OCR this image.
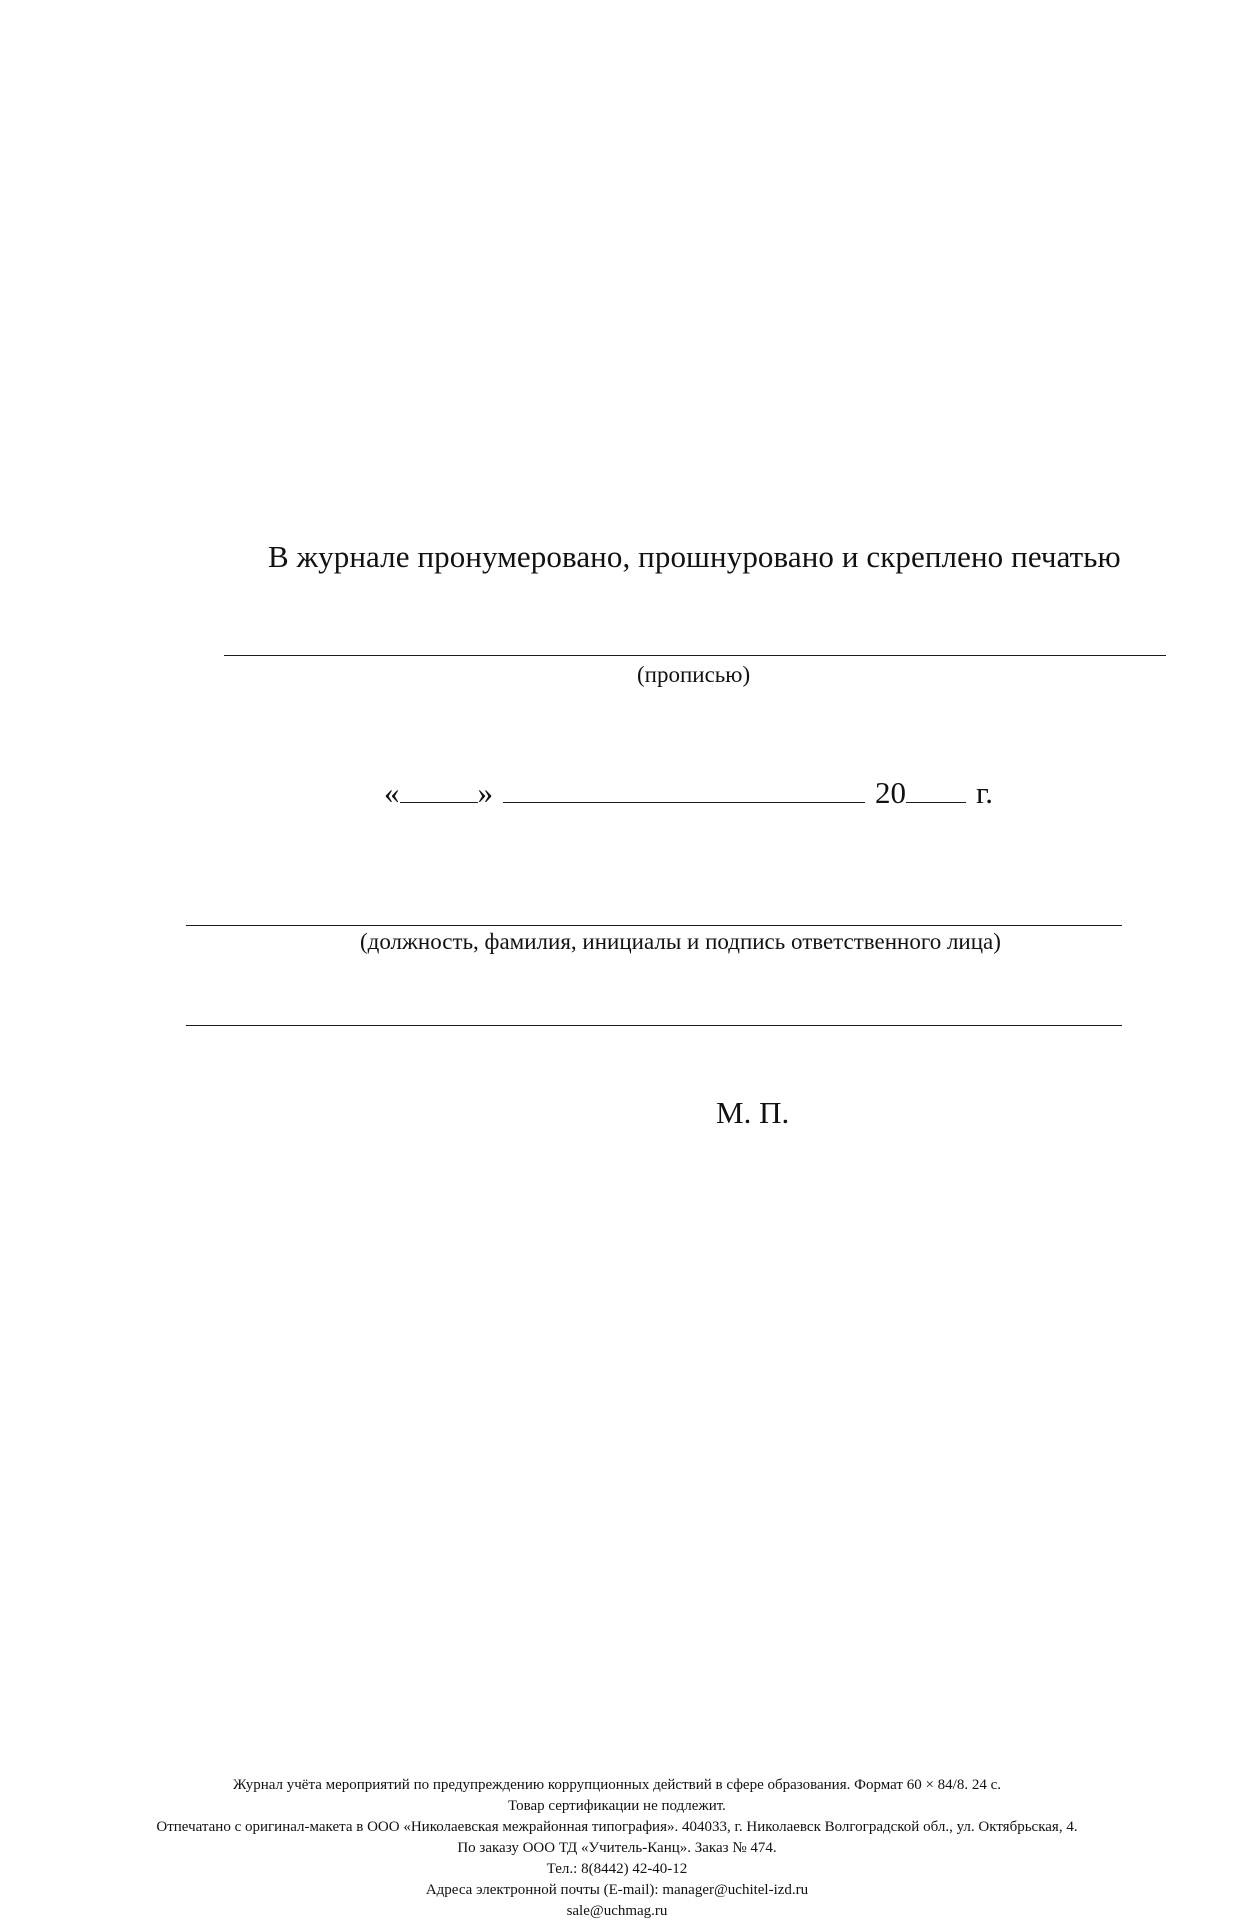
В журнале пронумеровано, прошнуровано и скреплено печатью
(прописью)
«	»	20 г.
(должность, фамилия, инициалы и подпись ответственного лица)
М. П.
Журнал учёта мероприятий по предупреждению коррупционных действий в сфере образования. Формат 60 × 84/8. 24 с.
Товар сертификации не подлежит.
Отпечатано с оригинал-макета в ООО «Николаевская межрайонная типография». 404033, г. Николаевск Волгоградской обл., ул. Октябрьская, 4.
По заказу ООО ТД «Учитель-Канц». Заказ № 474.
Тел.: 8(8442) 42-40-12
Адреса электронной почты (E-mail): manager@uchitel-izd.ru
sale@uchmag.ru
